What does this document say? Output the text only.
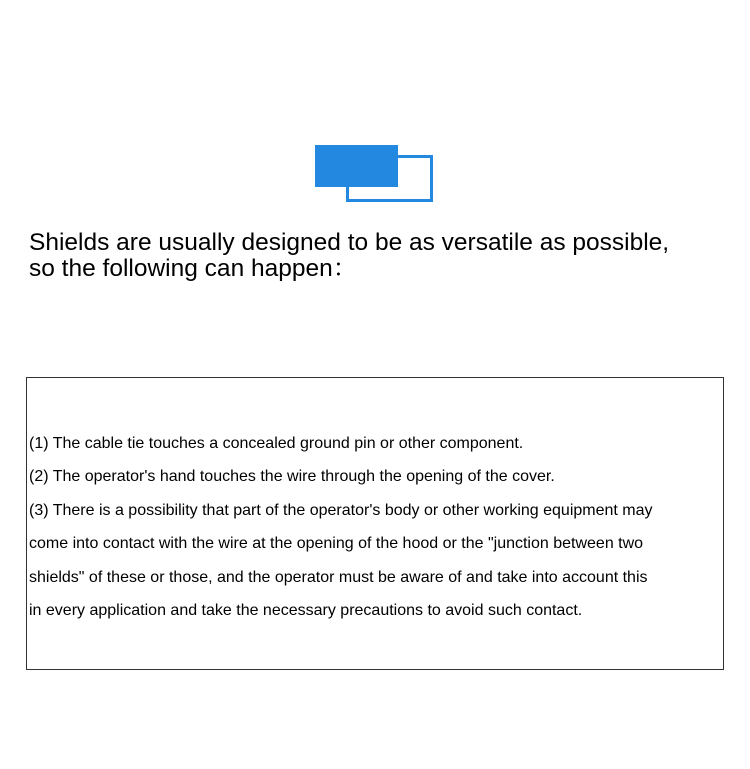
Shields are usually designed to be as versatile as possible,
so the following can happen：

(1) The cable tie touches a concealed ground pin or other component.
(2) The operator's hand touches the wire through the opening of the cover.
(3) There is a possibility that part of the operator's body or other working equipment may
come into contact with the wire at the opening of the hood or the "junction between two
shields" of these or those, and the operator must be aware of and take into account this
in every application and take the necessary precautions to avoid such contact.
